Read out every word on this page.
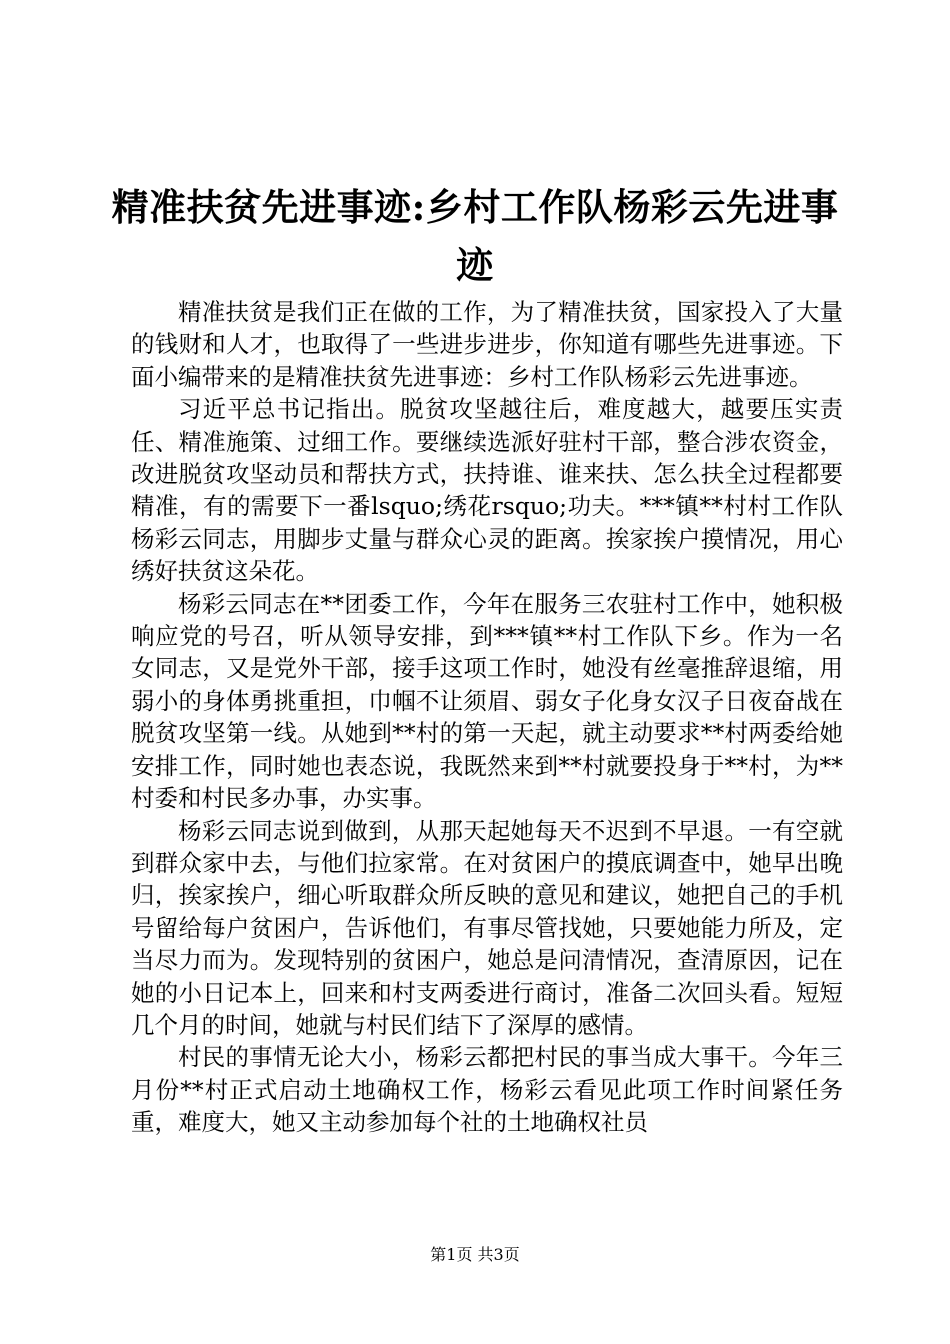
精准扶贫先进事迹:乡村工作队杨彩云先进事迹

精准扶贫是我们正在做的工作，为了精准扶贫，国家投入了大量的钱财和人才，也取得了一些进步进步，你知道有哪些先进事迹。下面小编带来的是精准扶贫先进事迹：乡村工作队杨彩云先进事迹。

习近平总书记指出。脱贫攻坚越往后，难度越大，越要压实责任、精准施策、过细工作。要继续选派好驻村干部，整合涉农资金，改进脱贫攻坚动员和帮扶方式，扶持谁、谁来扶、怎么扶全过程都要精准，有的需要下一番lsquo;绣花rsquo;功夫。***镇**村村工作队杨彩云同志，用脚步丈量与群众心灵的距离。挨家挨户摸情况，用心绣好扶贫这朵花。

杨彩云同志在**团委工作，今年在服务三农驻村工作中，她积极响应党的号召，听从领导安排，到***镇**村工作队下乡。作为一名女同志，又是党外干部，接手这项工作时，她没有丝毫推辞退缩，用弱小的身体勇挑重担，巾帼不让须眉、弱女子化身女汉子日夜奋战在脱贫攻坚第一线。从她到**村的第一天起，就主动要求**村两委给她安排工作，同时她也表态说，我既然来到**村就要投身于**村，为**村委和村民多办事，办实事。

杨彩云同志说到做到，从那天起她每天不迟到不早退。一有空就到群众家中去，与他们拉家常。在对贫困户的摸底调查中，她早出晚归，挨家挨户，细心听取群众所反映的意见和建议，她把自己的手机号留给每户贫困户，告诉他们，有事尽管找她，只要她能力所及，定当尽力而为。发现特别的贫困户，她总是问清情况，查清原因，记在她的小日记本上，回来和村支两委进行商讨，准备二次回头看。短短几个月的时间，她就与村民们结下了深厚的感情。

村民的事情无论大小，杨彩云都把村民的事当成大事干。今年三月份**村正式启动土地确权工作，杨彩云看见此项工作时间紧任务重，难度大，她又主动参加每个社的土地确权社员

第1页 共3页
